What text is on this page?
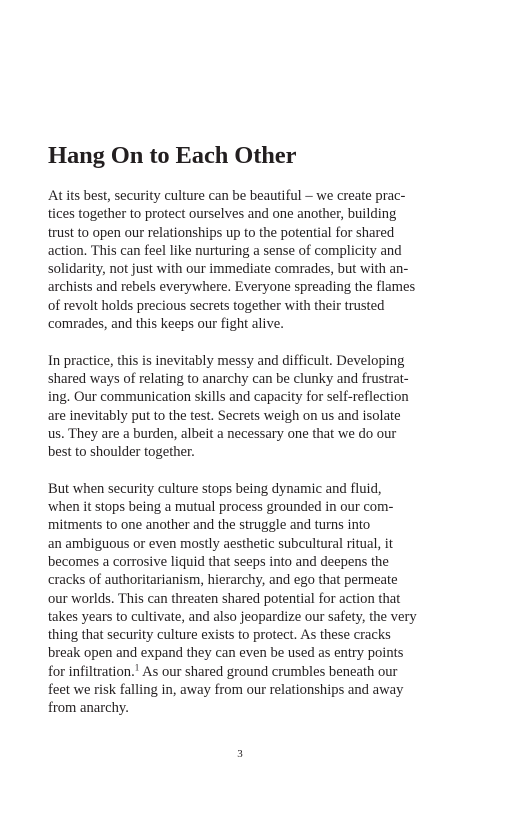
Hang On to Each Other

At its best, security culture can be beautiful – we create prac-
tices together to protect ourselves and one another, building
trust to open our relationships up to the potential for shared
action. This can feel like nurturing a sense of complicity and
solidarity, not just with our immediate comrades, but with an-
archists and rebels everywhere. Everyone spreading the flames
of revolt holds precious secrets together with their trusted
comrades, and this keeps our fight alive.

In practice, this is inevitably messy and difficult. Developing
shared ways of relating to anarchy can be clunky and frustrat-
ing. Our communication skills and capacity for self-reflection
are inevitably put to the test. Secrets weigh on us and isolate
us. They are a burden, albeit a necessary one that we do our
best to shoulder together.

But when security culture stops being dynamic and fluid,
when it stops being a mutual process grounded in our com-
mitments to one another and the struggle and turns into
an ambiguous or even mostly aesthetic subcultural ritual, it
becomes a corrosive liquid that seeps into and deepens the
cracks of authoritarianism, hierarchy, and ego that permeate
our worlds. This can threaten shared potential for action that
takes years to cultivate, and also jeopardize our safety, the very
thing that security culture exists to protect. As these cracks
break open and expand they can even be used as entry points
for infiltration.$^1$ As our shared ground crumbles beneath our
feet we risk falling in, away from our relationships and away
from anarchy.

3
